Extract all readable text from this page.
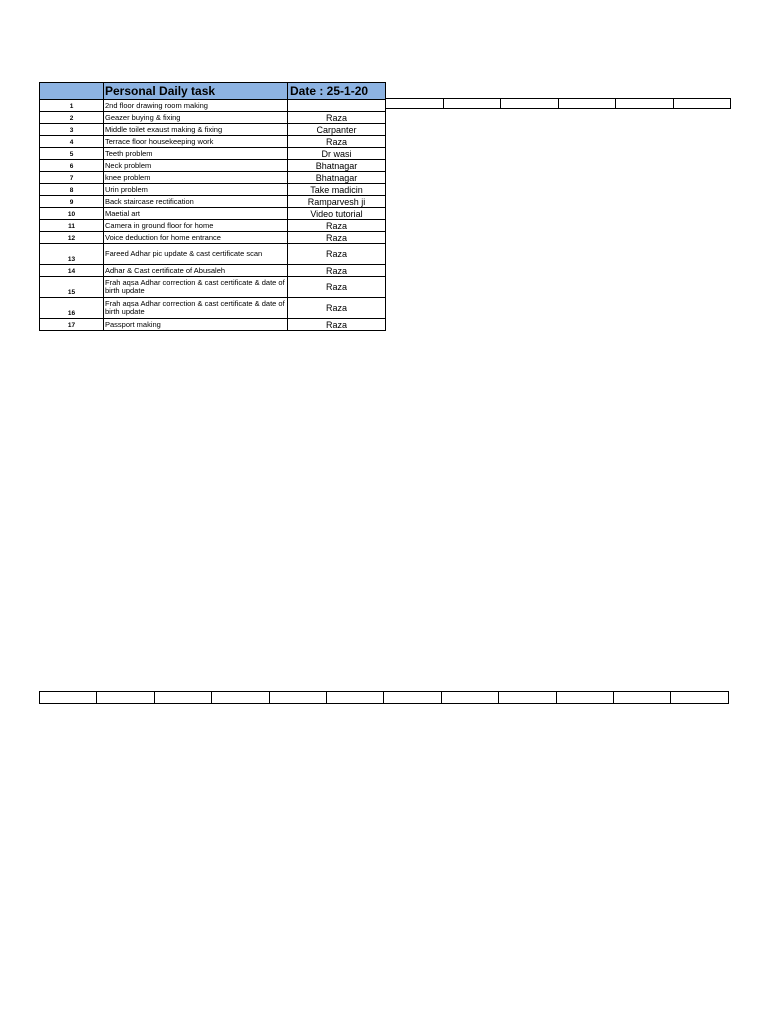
	Personal Daily task	Date : 25-1-20
1	2nd floor drawing room making	
2	Geazer buying & fixing	Raza
3	Middle toilet exaust making & fixing	Carpanter
4	Terrace floor housekeeping work	Raza
5	Teeth problem	Dr wasi
6	Neck problem	Bhatnagar
7	knee problem	Bhatnagar
8	Urin problem	Take madicin
9	Back staircase rectification	Ramparvesh ji
10	Maetial art	Video tutorial
11	Camera in ground floor for home	Raza
12	Voice deduction for home entrance	Raza
13	Fareed Adhar pic update & cast certificate scan	Raza
14	Adhar & Cast certificate of Abusaleh	Raza
15	Frah aqsa Adhar correction & cast certificate & date of birth update	Raza
16	Frah aqsa Adhar correction & cast certificate & date of birth update	Raza
17	Passport making	Raza
